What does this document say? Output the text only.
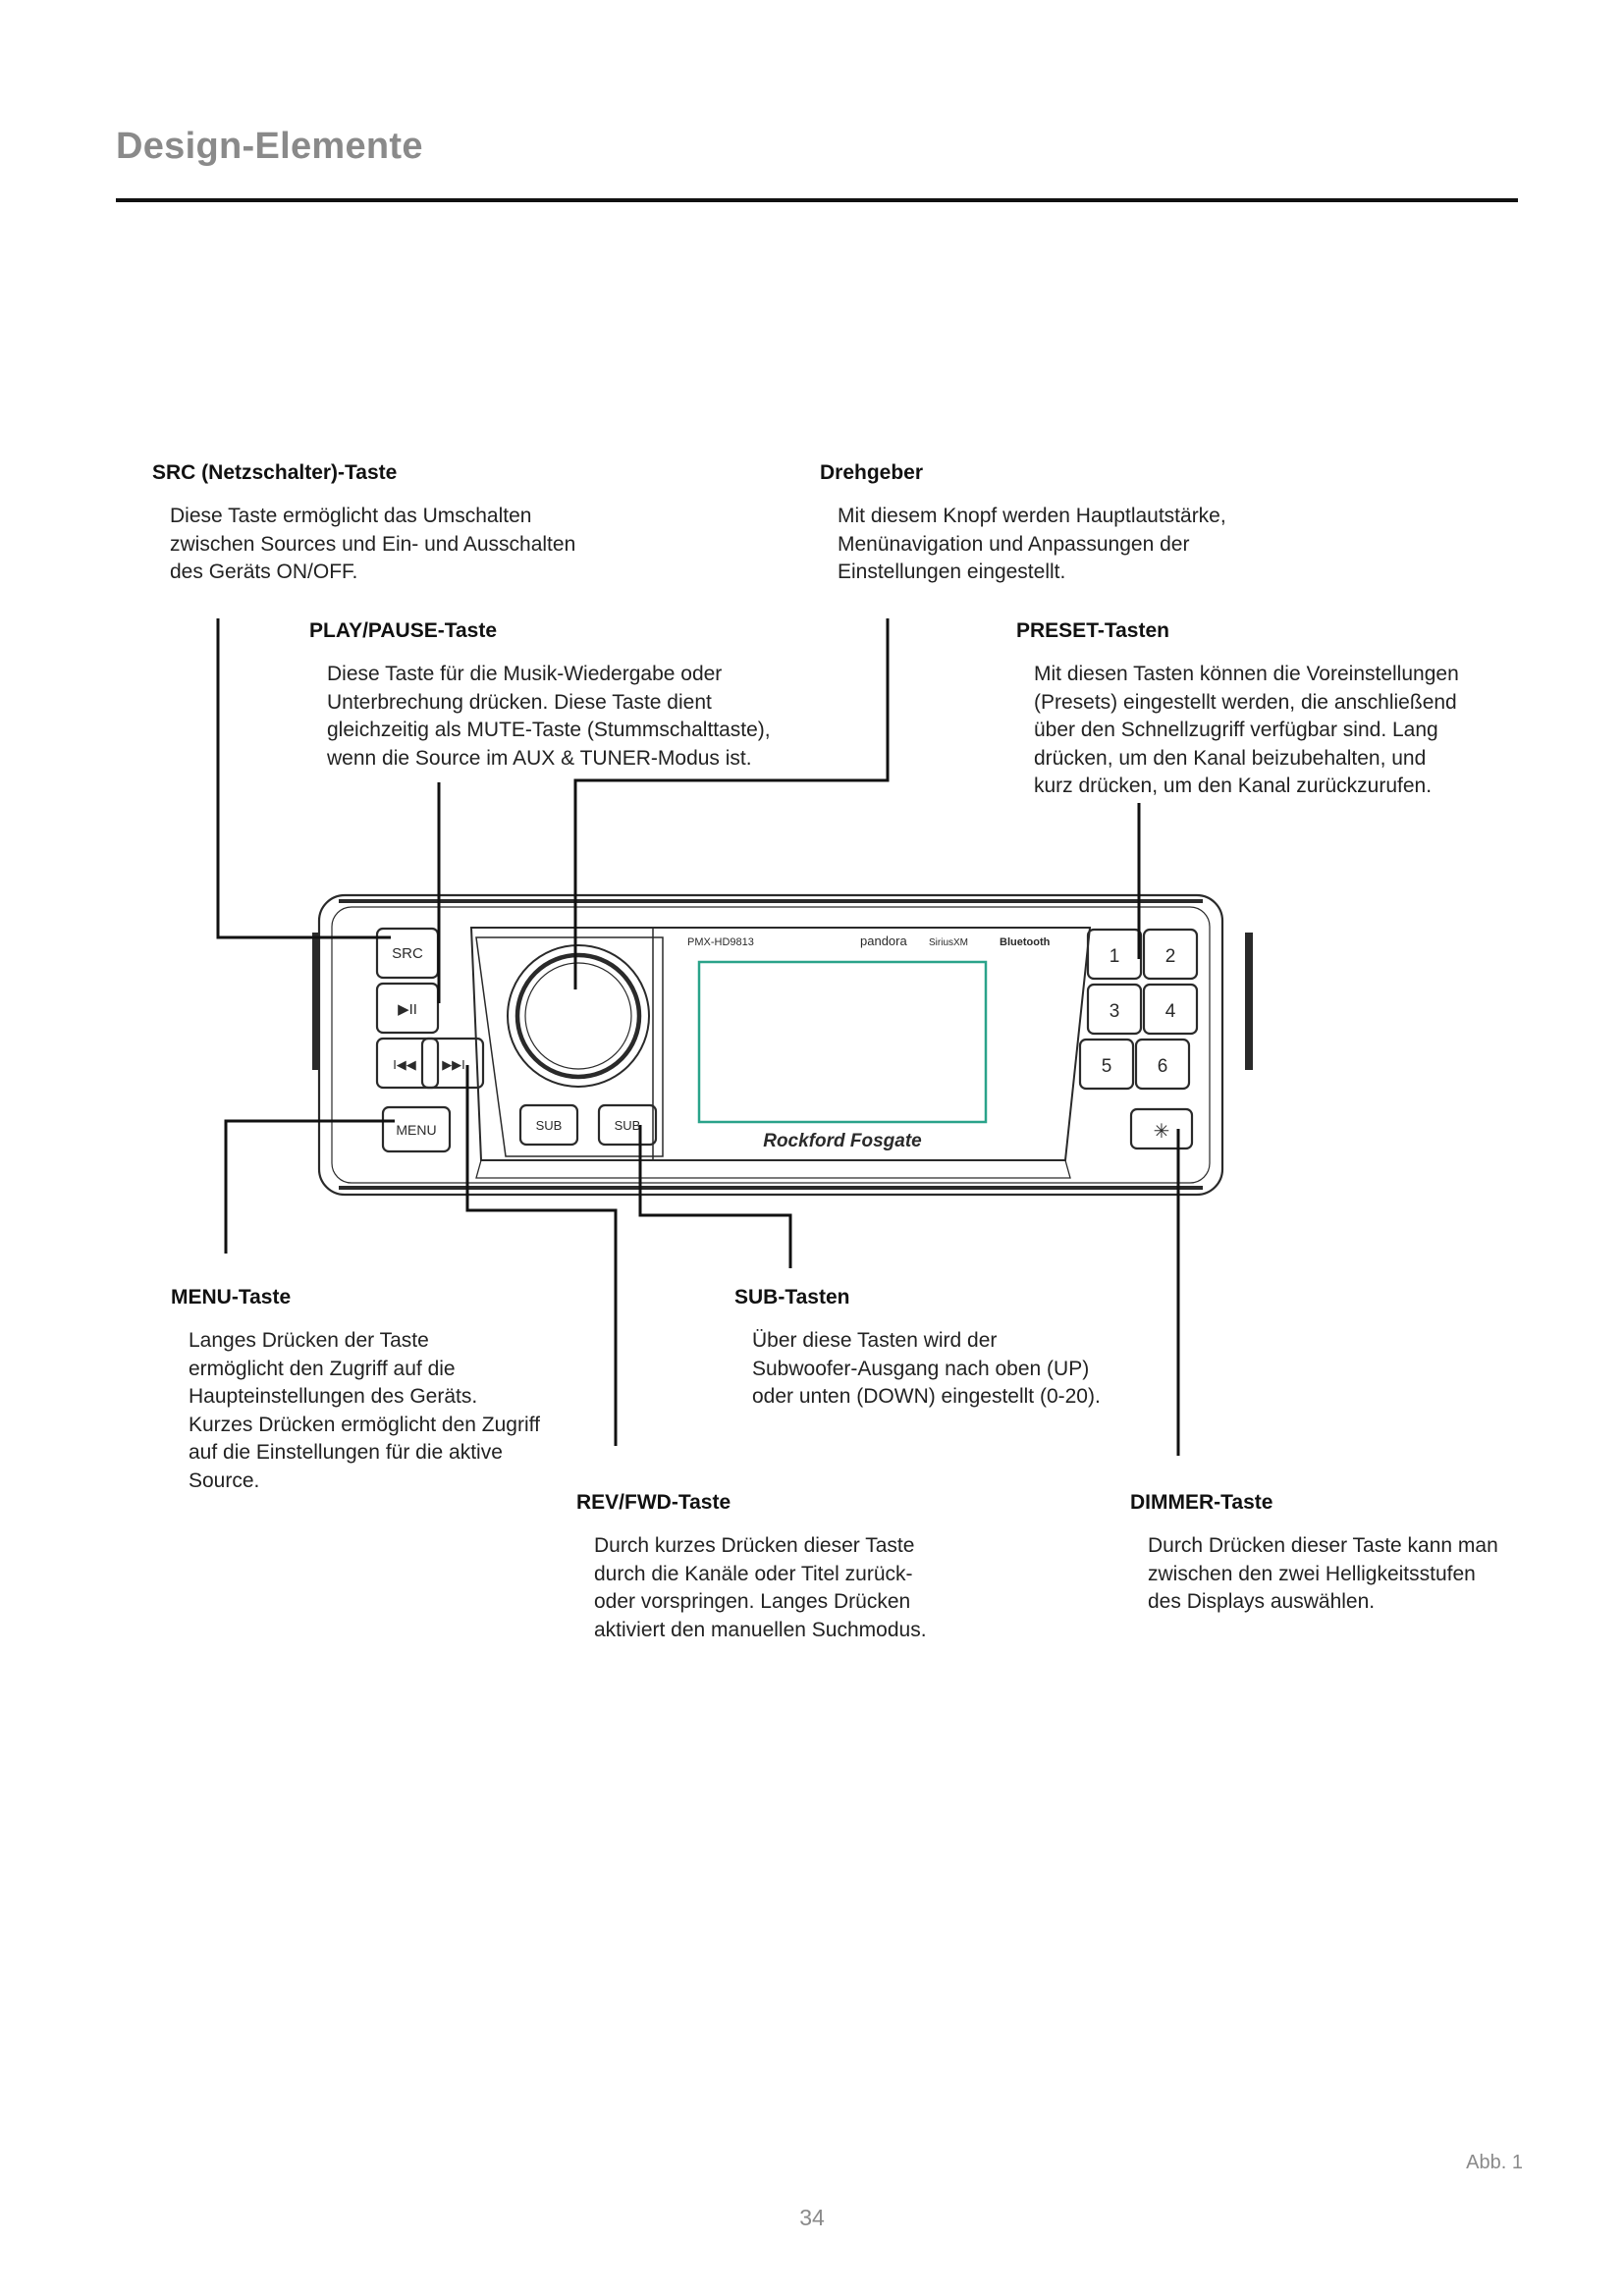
Design-Elemente
SRC (Netzschalter)-Taste

Diese Taste ermöglicht das Umschalten
zwischen Sources und Ein- und Ausschalten
des Geräts ON/OFF.

Drehgeber

Mit diesem Knopf werden Hauptlautstärke,
Menünavigation und Anpassungen der
Einstellungen eingestellt.

PLAY/PAUSE-Taste

Diese Taste für die Musik-Wiedergabe oder
Unterbrechung drücken. Diese Taste dient
gleichzeitig als MUTE-Taste (Stummschalttaste),
wenn die Source im AUX & TUNER-Modus ist.

PRESET-Tasten

Mit diesen Tasten können die Voreinstellungen
(Presets) eingestellt werden, die anschließend
über den Schnellzugriff verfügbar sind. Lang
drücken, um den Kanal beizubehalten, und
kurz drücken, um den Kanal zurückzurufen.

MENU-Taste

Langes Drücken der Taste
ermöglicht den Zugriff auf die
Haupteinstellungen des Geräts.
Kurzes Drücken ermöglicht den Zugriff
auf die Einstellungen für die aktive
Source.

SUB-Tasten

Über diese Tasten wird der
Subwoofer-Ausgang nach oben (UP)
oder unten (DOWN) eingestellt (0-20).

REV/FWD-Taste

Durch kurzes Drücken dieser Taste
durch die Kanäle oder Titel zurück-
oder vorspringen. Langes Drücken
aktiviert den manuellen Suchmodus.

DIMMER-Taste

Durch Drücken dieser Taste kann man
zwischen den zwei Helligkeitsstufen
des Displays auswählen.

SRC
▶II
I◀◀ ▶▶I
MENU	SUB	SUB
PMX-HD9813	pandora SiriusXM	Bluetooth
Rockford Fosgate
1 2
3 4
5 6
✳
Abb. 1
34
